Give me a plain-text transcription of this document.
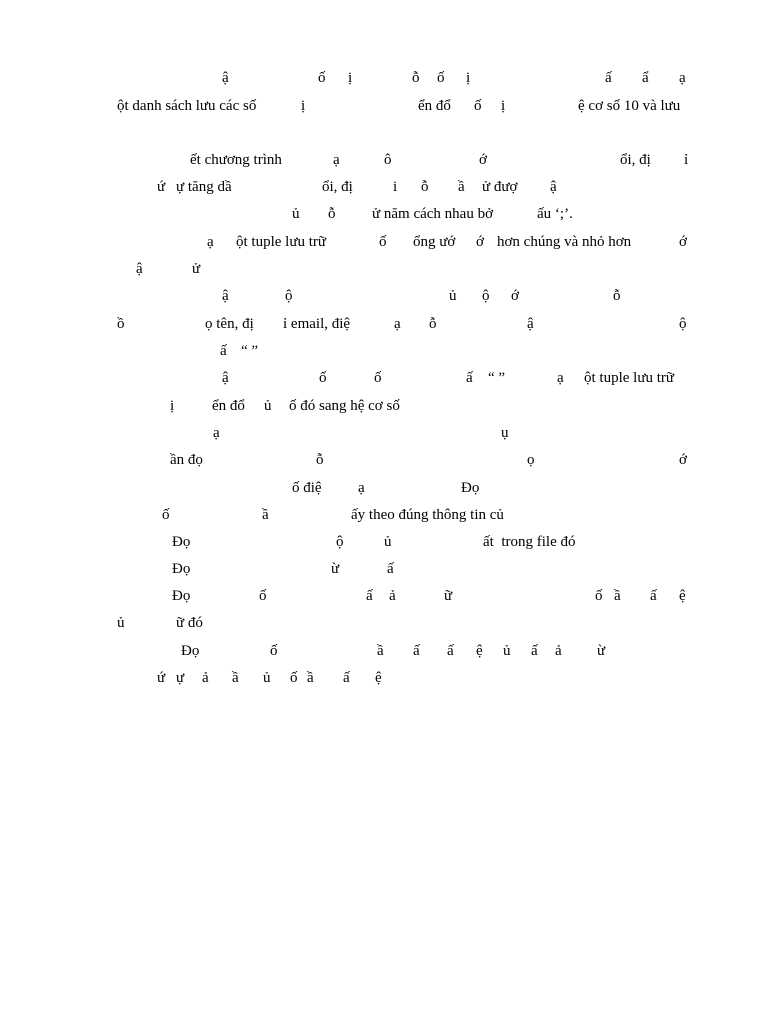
ậ	ố ị	ỗ ố ị	ấ ẩ ạ
ột danh sách lưu các số	ị	ển đổ ố ị	ệ cơ số 10 và lưu
ết chương trình	ạ	ô	ớ	ổi, đị ỉ
ứ ự tăng dầ	ổi, đị	i ỗ ầ ử đượ ậ
ủ ỗ ử năm cách nhau bở	ấu ‘;’.
ạ ột tuple lưu trữ	ố ổng ướ ớ hơn chúng và nhỏ hơn	ớ
ậ	ử
ậ	ộ	ủ ộ ớ	ỗ
ồ	ọ tên, đị ỉ email, điệ	ạ ỗ	ậ	ộ
ấ “ ”
ậ	ố	ố	ấ “ ”	ạ ột tuple lưu trữ
ị	ển đổ ủ ố đó sang hệ cơ số
ạ	ụ
ần đọ	ỗ	ọ	ớ
ố điệ ạ	Đọ
ố	ầ	ấy theo đúng thông tin củ
Đọ	ộ	ủ	ất  trong file đó
Đọ	ừ	ấ
Đọ	ố	ấ ả	ữ	ố ầ ấ ệ
ủ	ữ đó
Đọ	ố	ầ ấ ấ ệ ủ ấ ả ừ
ứ ự ả ầ ủ ố ầ ấ ệ
